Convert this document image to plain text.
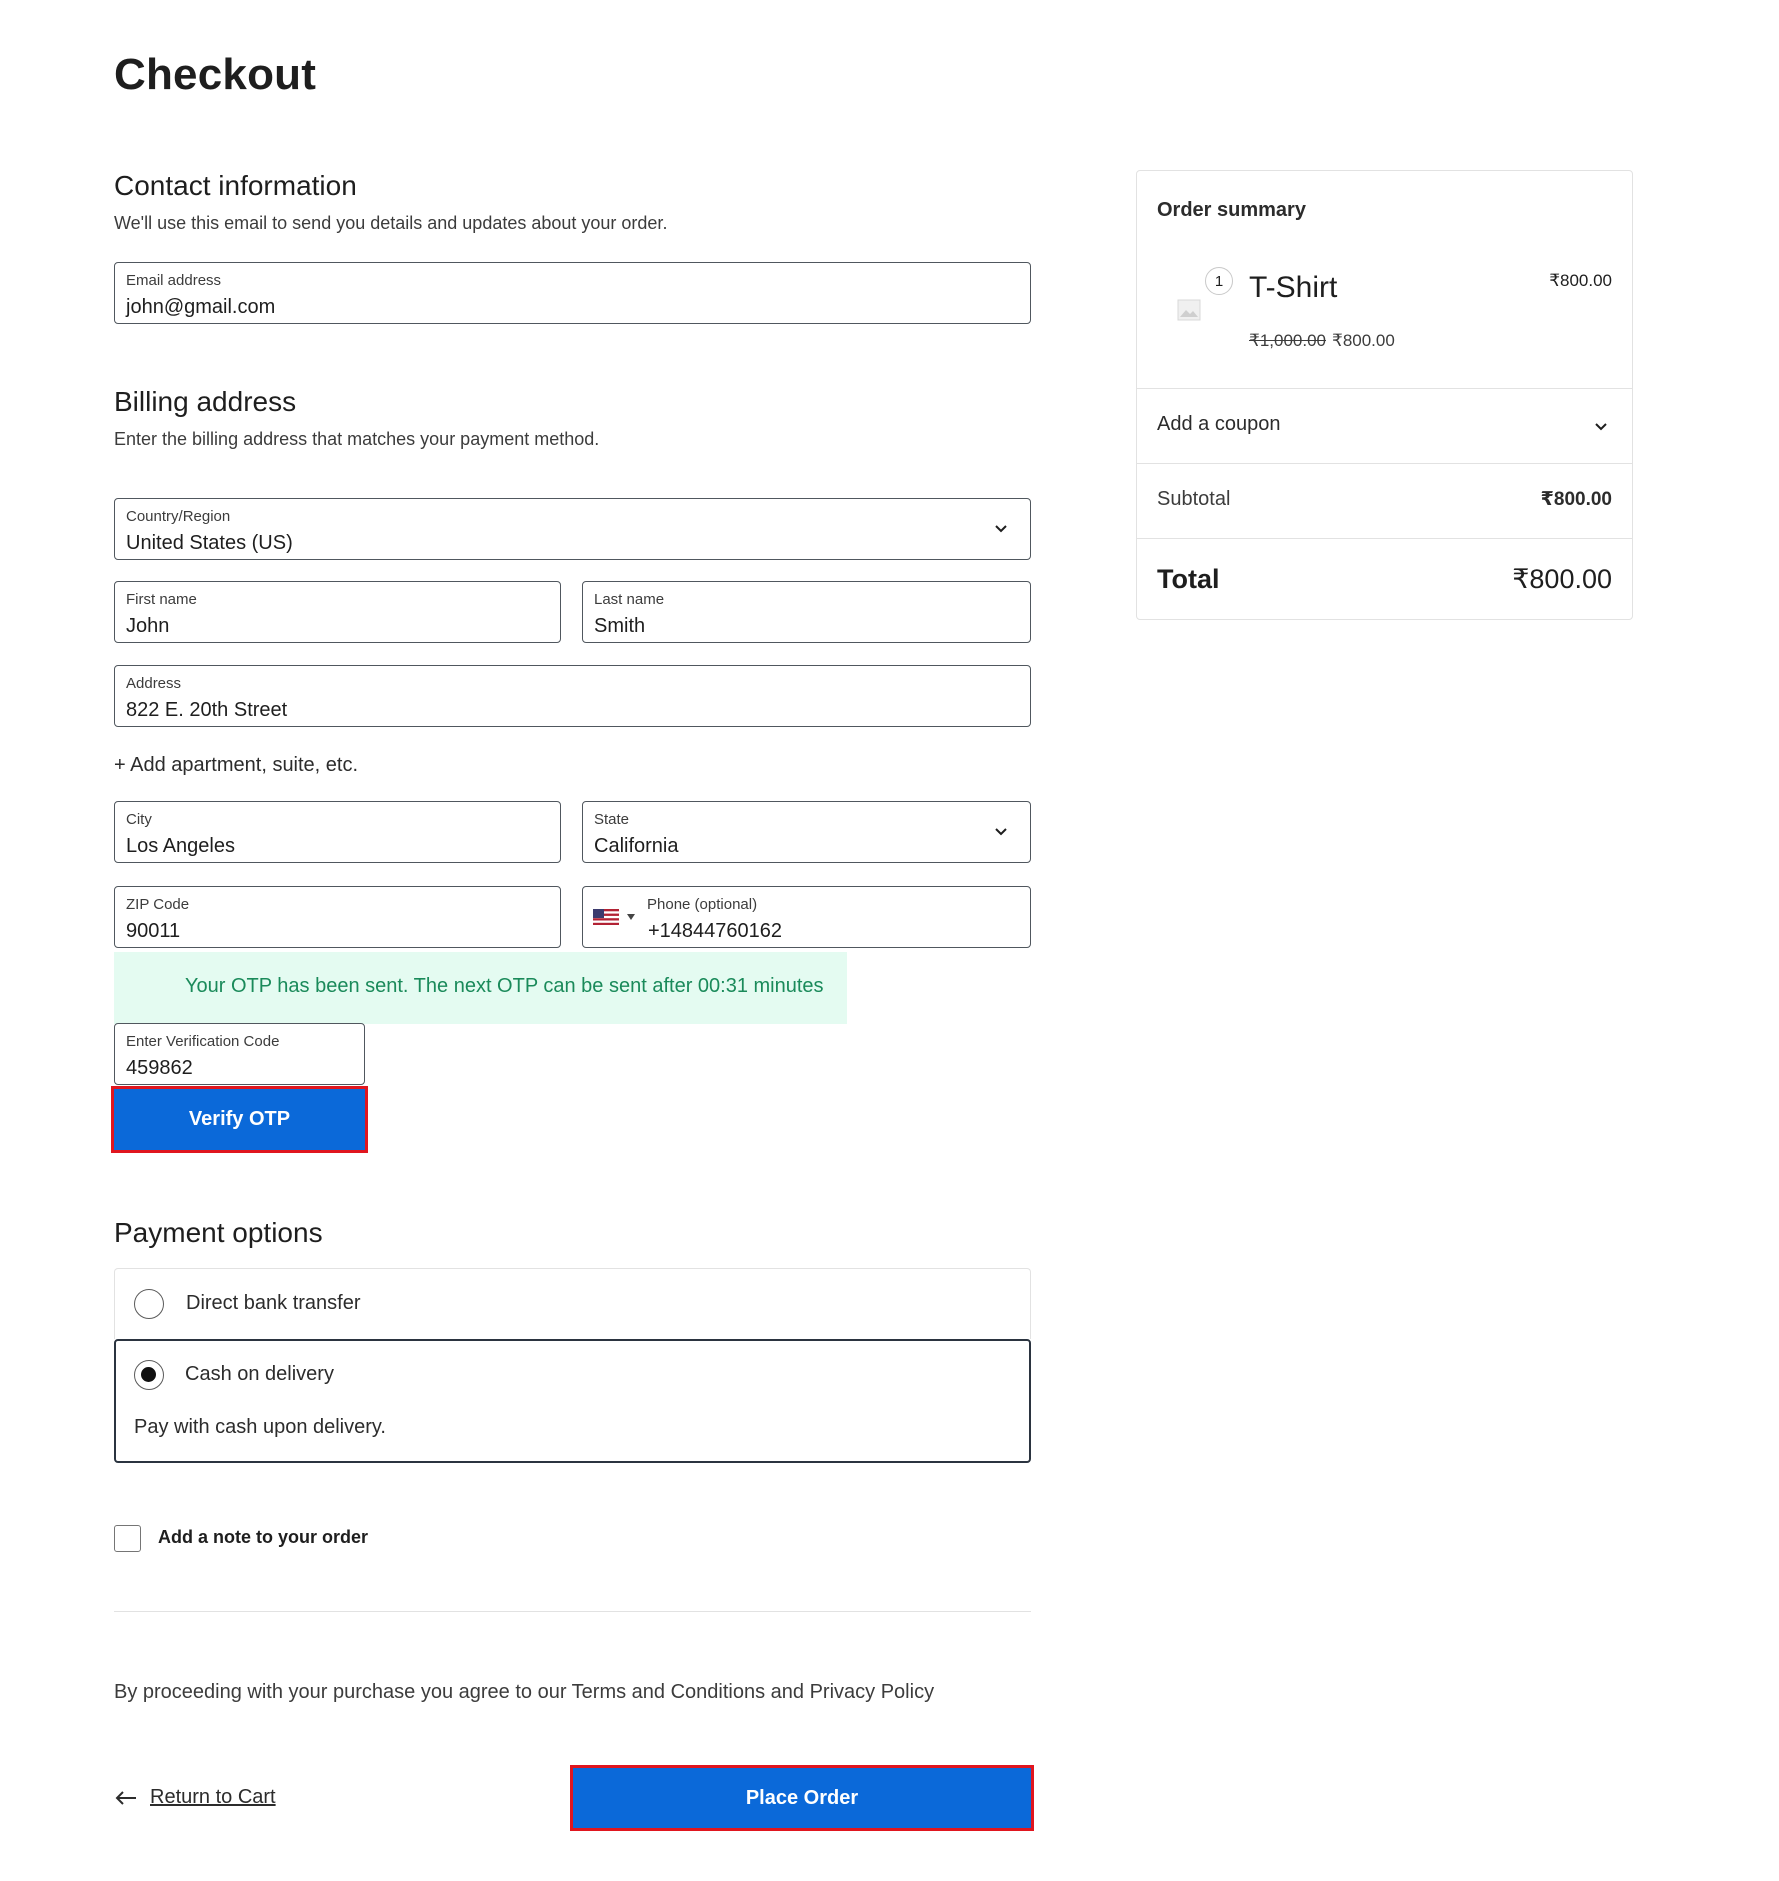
Checkout
Contact information
We'll use this email to send you details and updates about your order.
Email address
john@gmail.com
Billing address
Enter the billing address that matches your payment method.
Country/Region
United States (US)
First name
John
Last name
Smith
Address
822 E. 20th Street
+ Add apartment, suite, etc.
City
Los Angeles
State
California
ZIP Code
90011
Phone (optional)
+14844760162
Your OTP has been sent. The next OTP can be sent after 00:31 minutes
Enter Verification Code
459862
Verify OTP
Payment options
Direct bank transfer
Cash on delivery
Pay with cash upon delivery.
Add a note to your order
By proceeding with your purchase you agree to our Terms and Conditions and Privacy Policy
Return to Cart	Place Order
Order summary
1 T-Shirt	₹800.00
₹1,000.00 ₹800.00
Add a coupon
Subtotal	₹800.00
Total	₹800.00
